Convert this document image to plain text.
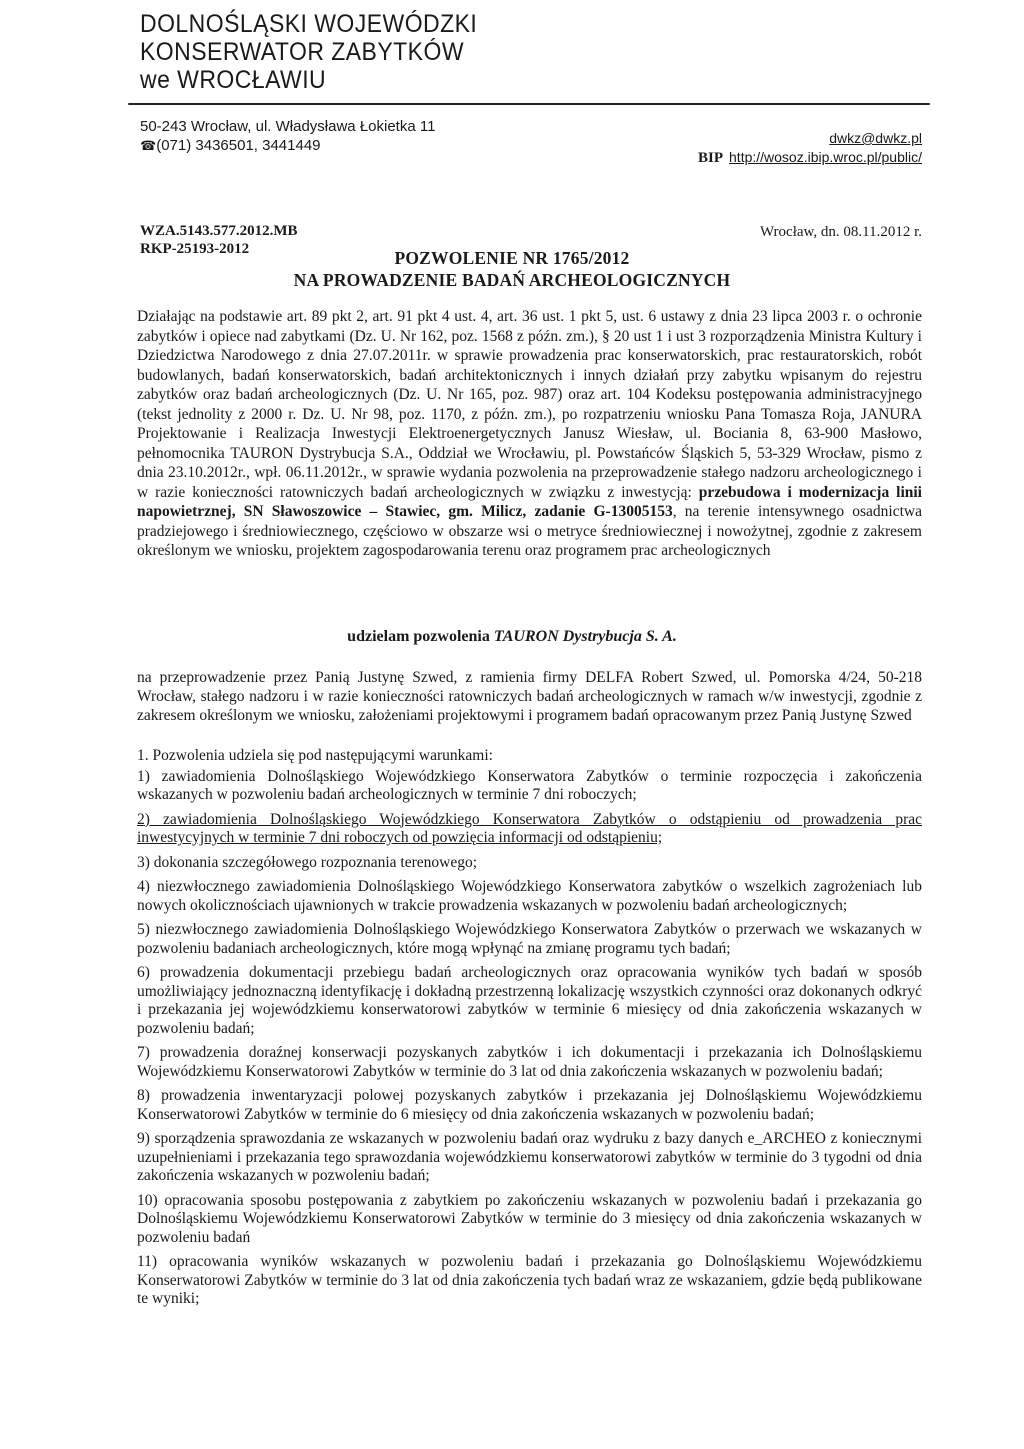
DOLNOŚLĄSKI WOJEWÓDZKI
KONSERWATOR ZABYTKÓW
we WROCŁAWIU
50-243 Wrocław, ul. Władysława Łokietka 11
☎(071) 3436501, 3441449	dwkz@dwkz.pl
BIP http://wosoz.ibip.wroc.pl/public/
WZA.5143.577.2012.MB
RKP-25193-2012
Wrocław, dn. 08.11.2012 r.
POZWOLENIE NR 1765/2012
NA PROWADZENIE BADAŃ ARCHEOLOGICZNYCH

Działając na podstawie art. 89 pkt 2, art. 91 pkt 4 ust. 4, art. 36 ust. 1 pkt 5, ust. 6 ustawy z dnia 23 lipca 2003 r. o ochronie zabytków i opiece nad zabytkami (Dz. U. Nr 162, poz. 1568 z późn. zm.), § 20 ust 1 i ust 3 rozporządzenia Ministra Kultury i Dziedzictwa Narodowego z dnia 27.07.2011r. w sprawie prowadzenia prac konserwatorskich, prac restauratorskich, robót budowlanych, badań konserwatorskich, badań architektonicznych i innych działań przy zabytku wpisanym do rejestru zabytków oraz badań archeologicznych (Dz. U. Nr 165, poz. 987) oraz art. 104 Kodeksu postępowania administracyjnego (tekst jednolity z 2000 r. Dz. U. Nr 98, poz. 1170, z późn. zm.), po rozpatrzeniu wniosku Pana Tomasza Roja, JANURA Projektowanie i Realizacja Inwestycji Elektroenergetycznych Janusz Wiesław, ul. Bociania 8, 63-900 Masłowo, pełnomocnika TAURON Dystrybucja S.A., Oddział we Wrocławiu, pl. Powstańców Śląskich 5, 53-329 Wrocław, pismo z dnia 23.10.2012r., wpł. 06.11.2012r., w sprawie wydania pozwolenia na przeprowadzenie stałego nadzoru archeologicznego i w razie konieczności ratowniczych badań archeologicznych w związku z inwestycją: przebudowa i modernizacja linii napowietrznej, SN Sławoszowice – Stawiec, gm. Milicz, zadanie G-13005153, na terenie intensywnego osadnictwa pradziejowego i średniowiecznego, częściowo w obszarze wsi o metryce średniowiecznej i nowożytnej, zgodnie z zakresem określonym we wniosku, projektem zagospodarowania terenu oraz programem prac archeologicznych

udzielam pozwolenia TAURON Dystrybucja S. A.
na przeprowadzenie przez Panią Justynę Szwed, z ramienia firmy DELFA Robert Szwed, ul. Pomorska 4/24, 50-218 Wrocław, stałego nadzoru i w razie konieczności ratowniczych badań archeologicznych w ramach w/w inwestycji, zgodnie z zakresem określonym we wniosku, założeniami projektowymi i programem badań opracowanym przez Panią Justynę Szwed

1. Pozwolenia udziela się pod następującymi warunkami:

1) zawiadomienia Dolnośląskiego Wojewódzkiego Konserwatora Zabytków o terminie rozpoczęcia i zakończenia wskazanych w pozwoleniu badań archeologicznych w terminie 7 dni roboczych;

2) zawiadomienia Dolnośląskiego Wojewódzkiego Konserwatora Zabytków o odstąpieniu od prowadzenia prac inwestycyjnych w terminie 7 dni roboczych od powzięcia informacji od odstąpieniu;

3) dokonania szczegółowego rozpoznania terenowego;

4) niezwłocznego zawiadomienia Dolnośląskiego Wojewódzkiego Konserwatora zabytków o wszelkich zagrożeniach lub nowych okolicznościach ujawnionych w trakcie prowadzenia wskazanych w pozwoleniu badań archeologicznych;

5) niezwłocznego zawiadomienia Dolnośląskiego Wojewódzkiego Konserwatora Zabytków o przerwach we wskazanych w pozwoleniu badaniach archeologicznych, które mogą wpłynąć na zmianę programu tych badań;

6) prowadzenia dokumentacji przebiegu badań archeologicznych oraz opracowania wyników tych badań w sposób umożliwiający jednoznaczną identyfikację i dokładną przestrzenną lokalizację wszystkich czynności oraz dokonanych odkryć i przekazania jej wojewódzkiemu konserwatorowi zabytków w terminie 6 miesięcy od dnia zakończenia wskazanych w pozwoleniu badań;

7) prowadzenia doraźnej konserwacji pozyskanych zabytków i ich dokumentacji i przekazania ich Dolnośląskiemu Wojewódzkiemu Konserwatorowi Zabytków w terminie do 3 lat od dnia zakończenia wskazanych w pozwoleniu badań;

8) prowadzenia inwentaryzacji polowej pozyskanych zabytków i przekazania jej Dolnośląskiemu Wojewódzkiemu Konserwatorowi Zabytków w terminie do 6 miesięcy od dnia zakończenia wskazanych w pozwoleniu badań;

9) sporządzenia sprawozdania ze wskazanych w pozwoleniu badań oraz wydruku z bazy danych e_ARCHEO z koniecznymi uzupełnieniami i przekazania tego sprawozdania wojewódzkiemu konserwatorowi zabytków w terminie do 3 tygodni od dnia zakończenia wskazanych w pozwoleniu badań;

10) opracowania sposobu postępowania z zabytkiem po zakończeniu wskazanych w pozwoleniu badań i przekazania go Dolnośląskiemu Wojewódzkiemu Konserwatorowi Zabytków w terminie do 3 miesięcy od dnia zakończenia wskazanych w pozwoleniu badań

11) opracowania wyników wskazanych w pozwoleniu badań i przekazania go Dolnośląskiemu Wojewódzkiemu Konserwatorowi Zabytków w terminie do 3 lat od dnia zakończenia tych badań wraz ze wskazaniem, gdzie będą publikowane te wyniki;
